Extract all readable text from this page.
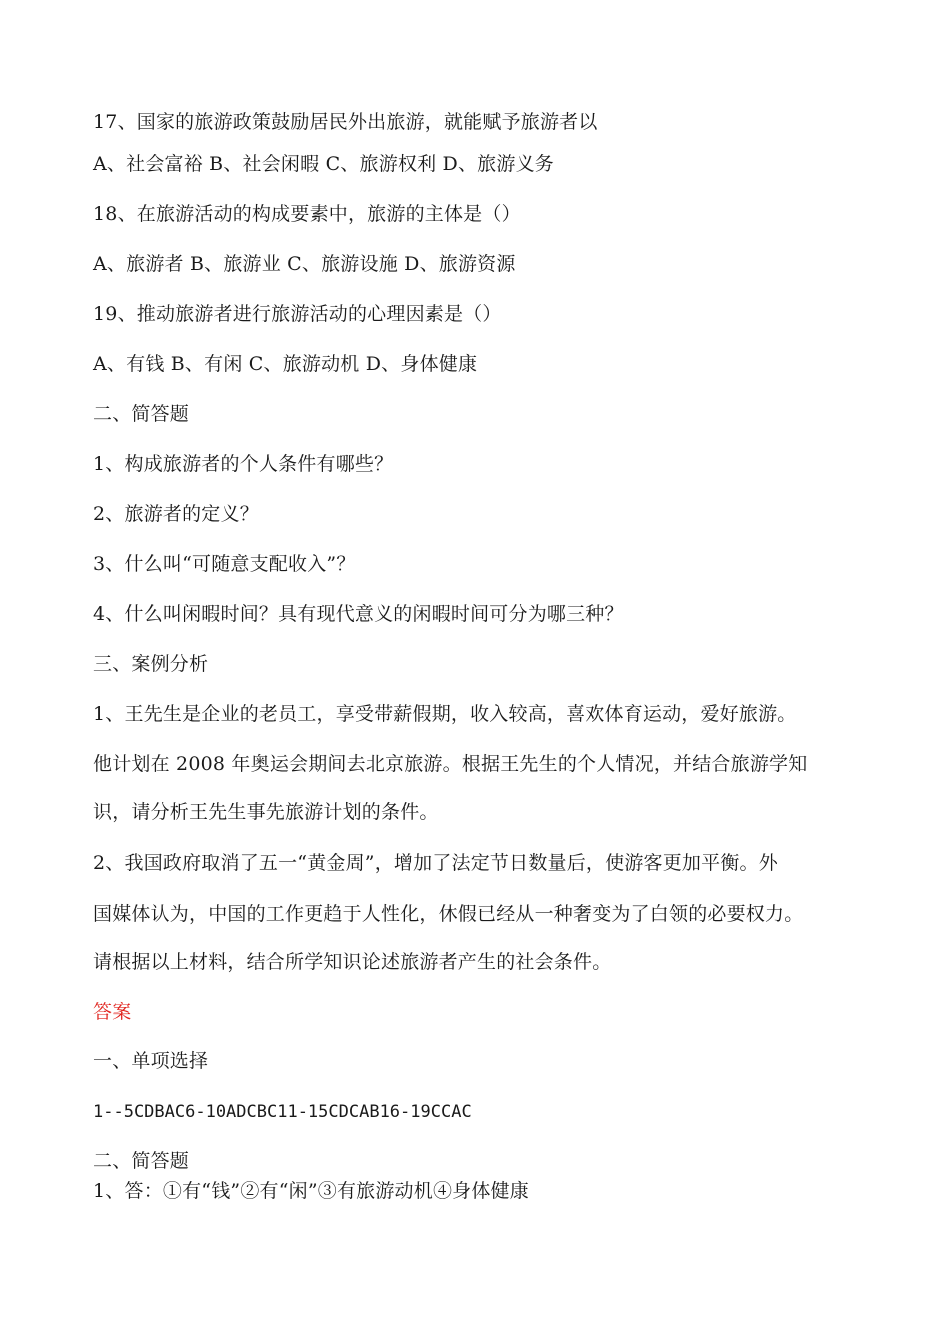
17、国家的旅游政策鼓励居民外出旅游，就能赋予旅游者以
A、社会富裕 B、社会闲暇 C、旅游权利 D、旅游义务
18、在旅游活动的构成要素中，旅游的主体是（）
A、旅游者 B、旅游业 C、旅游设施 D、旅游资源
19、推动旅游者进行旅游活动的心理因素是（）
A、有钱 B、有闲 C、旅游动机 D、身体健康
二、简答题
1、构成旅游者的个人条件有哪些？
2、旅游者的定义？
3、什么叫“可随意支配收入”？
4、什么叫闲暇时间？具有现代意义的闲暇时间可分为哪三种？
三、案例分析
1、王先生是企业的老员工，享受带薪假期，收入较高，喜欢体育运动，爱好旅游。
他计划在 2008 年奥运会期间去北京旅游。根据王先生的个人情况，并结合旅游学知
识，请分析王先生事先旅游计划的条件。
2、我国政府取消了五一“黄金周”，增加了法定节日数量后，使游客更加平衡。外
国媒体认为，中国的工作更趋于人性化，休假已经从一种奢变为了白领的必要权力。
请根据以上材料，结合所学知识论述旅游者产生的社会条件。
答案
一、单项选择
1--5CDBAC6-10ADCBC11-15CDCAB16-19CCAC
二、简答题
1、答：①有“钱”②有“闲”③有旅游动机④身体健康
